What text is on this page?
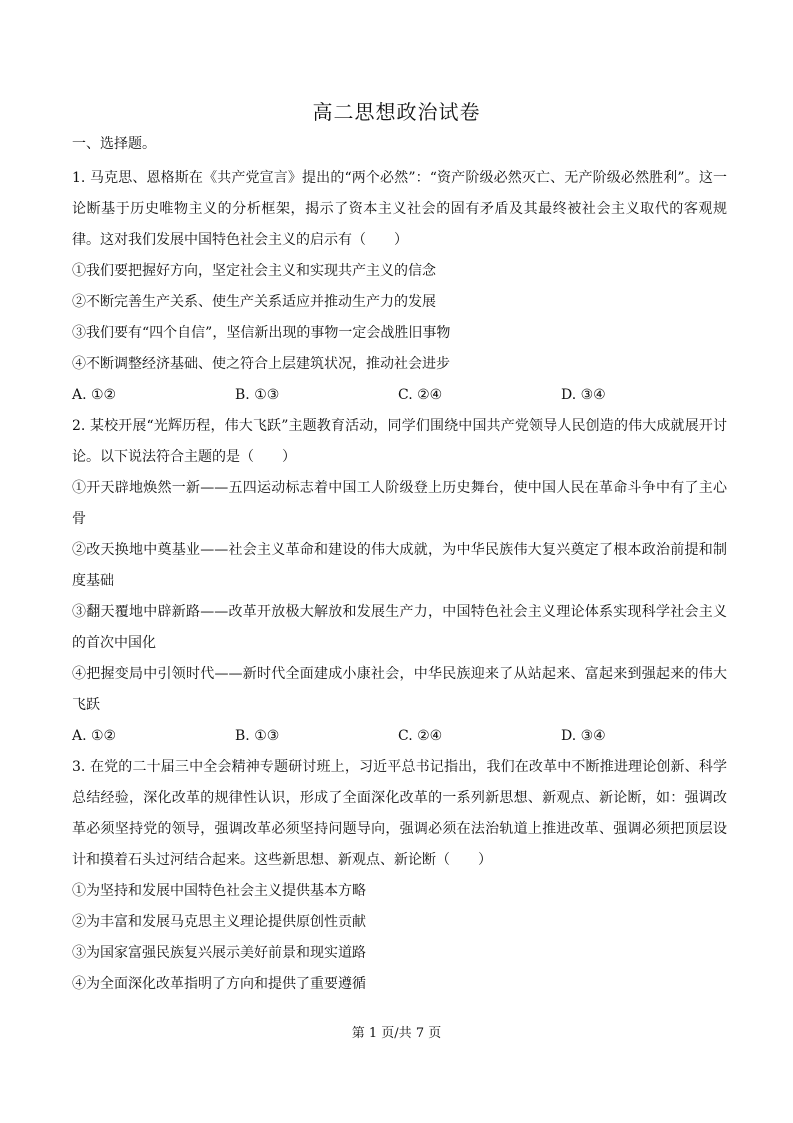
高二思想政治试卷
一、选择题。

1. 马克思、恩格斯在《共产党宣言》提出的“两个必然”：“资产阶级必然灭亡、无产阶级必然胜利”。这一论断基于历史唯物主义的分析框架，揭示了资本主义社会的固有矛盾及其最终被社会主义取代的客观规律。这对我们发展中国特色社会主义的启示有（　　）

①我们要把握好方向，坚定社会主义和实现共产主义的信念

②不断完善生产关系、使生产关系适应并推动生产力的发展

③我们要有“四个自信”，坚信新出现的事物一定会战胜旧事物

④不断调整经济基础、使之符合上层建筑状况，推动社会进步

A. ①②	B. ①③	C. ②④	D. ③④

2. 某校开展“光辉历程，伟大飞跃”主题教育活动，同学们围绕中国共产党领导人民创造的伟大成就展开讨论。以下说法符合主题的是（　　）

①开天辟地焕然一新——五四运动标志着中国工人阶级登上历史舞台，使中国人民在革命斗争中有了主心骨

②改天换地中奠基业——社会主义革命和建设的伟大成就，为中华民族伟大复兴奠定了根本政治前提和制度基础

③翻天覆地中辟新路——改革开放极大解放和发展生产力，中国特色社会主义理论体系实现科学社会主义的首次中国化

④把握变局中引领时代——新时代全面建成小康社会，中华民族迎来了从站起来、富起来到强起来的伟大飞跃

A. ①②	B. ①③	C. ②④	D. ③④

3. 在党的二十届三中全会精神专题研讨班上，习近平总书记指出，我们在改革中不断推进理论创新、科学总结经验，深化改革的规律性认识，形成了全面深化改革的一系列新思想、新观点、新论断，如：强调改革必须坚持党的领导，强调改革必须坚持问题导向，强调必须在法治轨道上推进改革、强调必须把顶层设计和摸着石头过河结合起来。这些新思想、新观点、新论断（　　）

①为坚持和发展中国特色社会主义提供基本方略

②为丰富和发展马克思主义理论提供原创性贡献

③为国家富强民族复兴展示美好前景和现实道路

④为全面深化改革指明了方向和提供了重要遵循

第 1 页/共 7 页
